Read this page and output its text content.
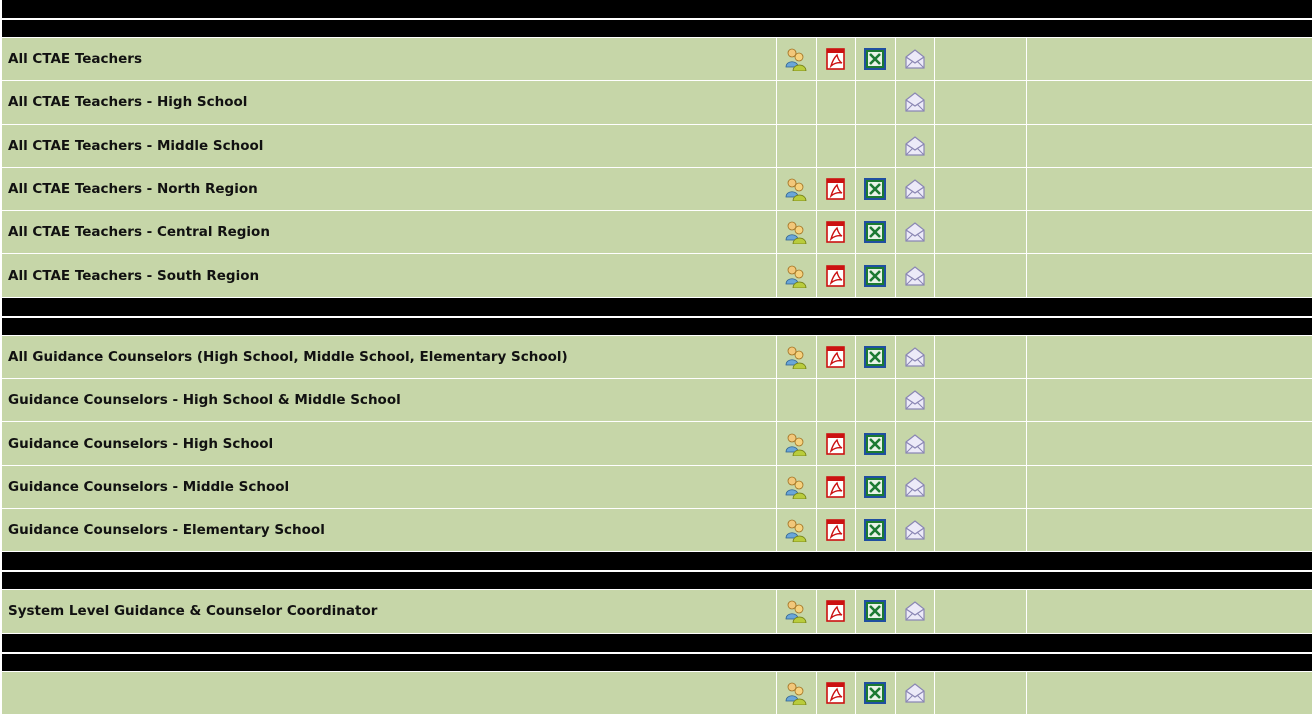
All CTAE Teachers
All CTAE Teachers - High School
All CTAE Teachers - Middle School
All CTAE Teachers - North Region
All CTAE Teachers - Central Region
All CTAE Teachers - South Region
All Guidance Counselors (High School, Middle School, Elementary School)
Guidance Counselors - High School & Middle School
Guidance Counselors - High School
Guidance Counselors - Middle School
Guidance Counselors - Elementary School
System Level Guidance & Counselor Coordinator
